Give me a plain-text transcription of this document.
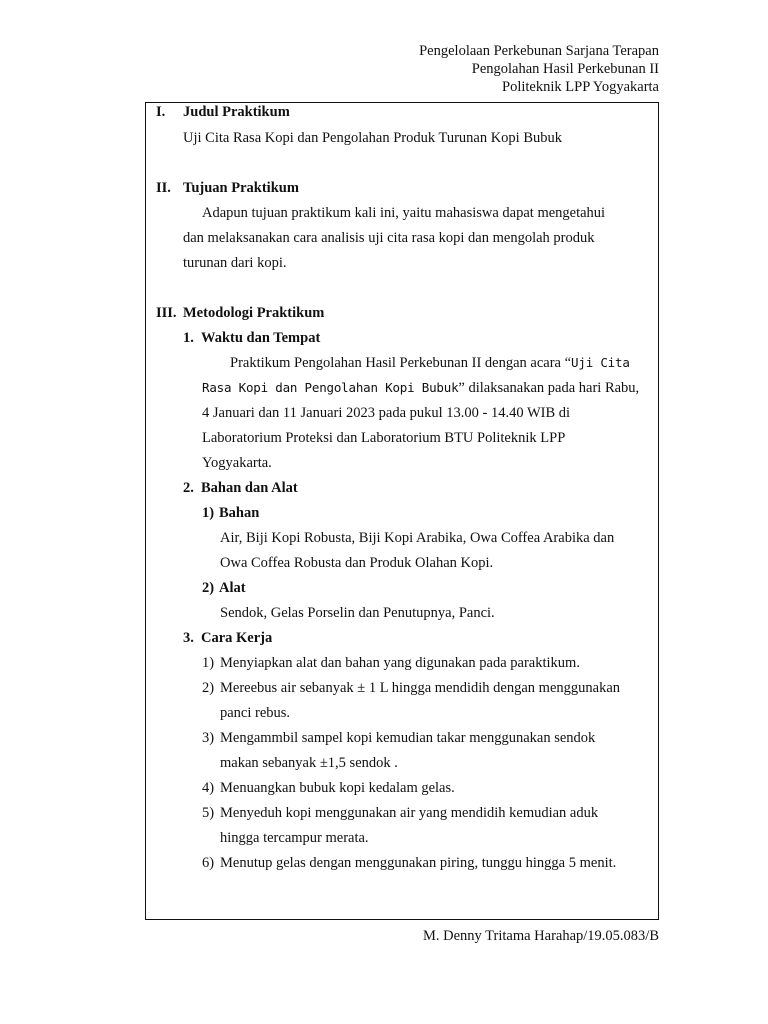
Pengelolaan Perkebunan Sarjana Terapan
Pengolahan Hasil Perkebunan II
Politeknik LPP Yogyakarta
I. Judul Praktikum
Uji Cita Rasa Kopi dan Pengolahan Produk Turunan Kopi Bubuk
II. Tujuan Praktikum
Adapun tujuan praktikum kali ini, yaitu mahasiswa dapat mengetahui
dan melaksanakan cara analisis uji cita rasa kopi dan mengolah produk
turunan dari kopi.
III. Metodologi Praktikum
1. Waktu dan Tempat
Praktikum Pengolahan Hasil Perkebunan II dengan acara “Uji Cita
Rasa Kopi dan Pengolahan Kopi Bubuk” dilaksanakan pada hari Rabu,
4 Januari dan 11 Januari 2023 pada pukul 13.00 - 14.40 WIB di
Laboratorium Proteksi dan Laboratorium BTU Politeknik LPP
Yogyakarta.
2. Bahan dan Alat
1) Bahan
Air, Biji Kopi Robusta, Biji Kopi Arabika, Owa Coffea Arabika dan
Owa Coffea Robusta dan Produk Olahan Kopi.
2) Alat
Sendok, Gelas Porselin dan Penutupnya, Panci.
3. Cara Kerja
1) Menyiapkan alat dan bahan yang digunakan pada paraktikum.
2) Mereebus air sebanyak ± 1 L hingga mendidih dengan menggunakan
panci rebus.
3) Mengammbil sampel kopi kemudian takar menggunakan sendok
makan sebanyak ±1,5 sendok .
4) Menuangkan bubuk kopi kedalam gelas.
5) Menyeduh kopi menggunakan air yang mendidih kemudian aduk
hingga tercampur merata.
6) Menutup gelas dengan menggunakan piring, tunggu hingga 5 menit.
M. Denny Tritama Harahap/19.05.083/B
